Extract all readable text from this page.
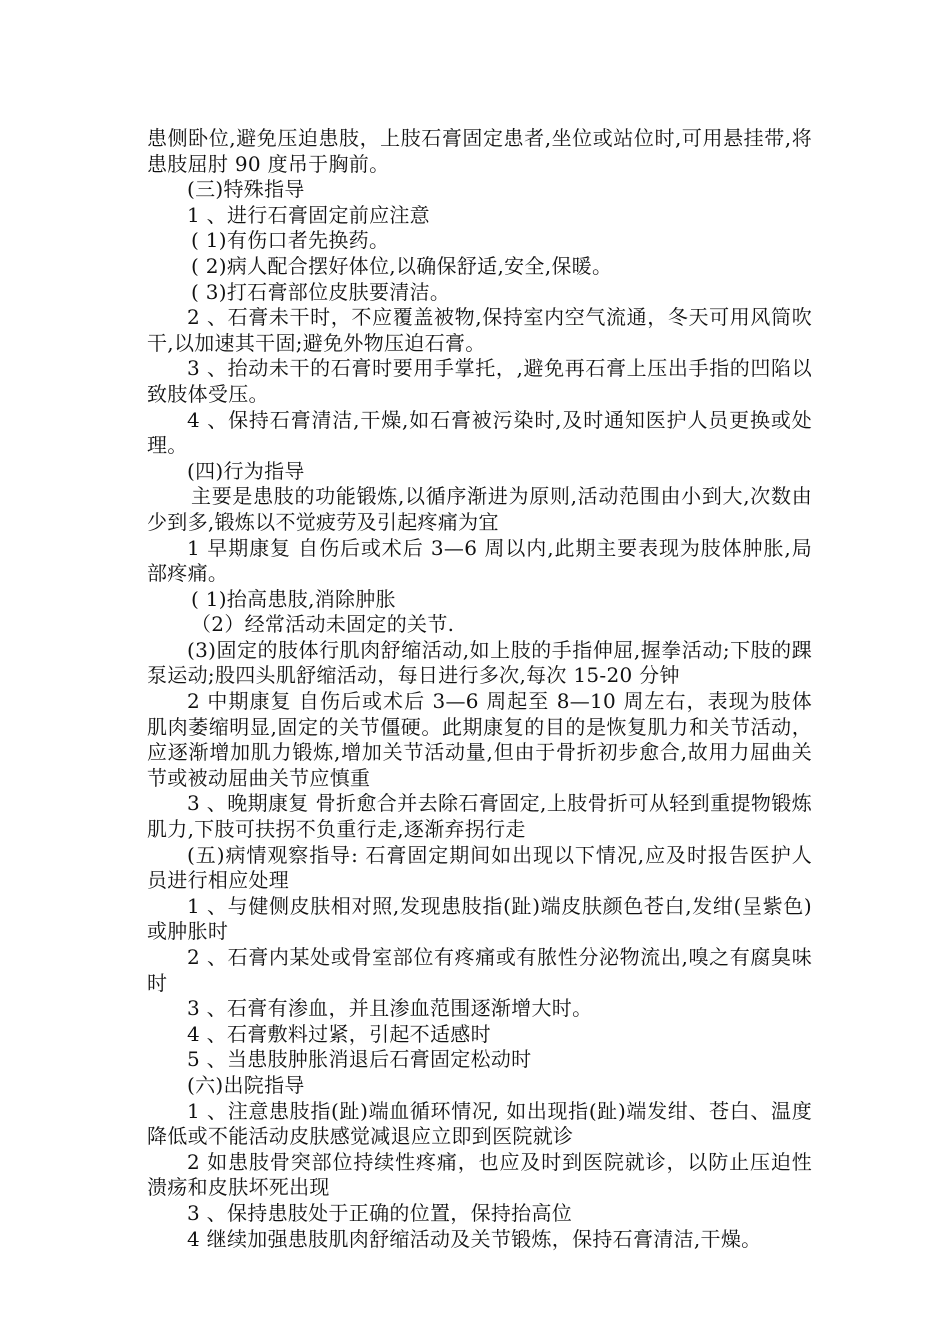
患侧卧位,避免压迫患肢，上肢石膏固定患者,坐位或站位时,可用悬挂带,将患肢屈肘 90 度吊于胸前。

(三)特殊指导

1 、进行石膏固定前应注意

( 1)有伤口者先换药。

( 2)病人配合摆好体位,以确保舒适,安全,保暖。

( 3)打石膏部位皮肤要清洁。

2 、石膏未干时，不应覆盖被物,保持室内空气流通，冬天可用风筒吹干,以加速其干固;避免外物压迫石膏。

3 、抬动未干的石膏时要用手掌托，,避免再石膏上压出手指的凹陷以致肢体受压。

4 、保持石膏清洁,干燥,如石膏被污染时,及时通知医护人员更换或处理。

(四)行为指导

主要是患肢的功能锻炼,以循序渐进为原则,活动范围由小到大,次数由少到多,锻炼以不觉疲劳及引起疼痛为宜

1 早期康复 自伤后或术后 3—6 周以内,此期主要表现为肢体肿胀,局部疼痛。

( 1)抬高患肢,消除肿胀

（2）经常活动未固定的关节.

(3)固定的肢体行肌肉舒缩活动,如上肢的手指伸屈,握拳活动;下肢的踝泵运动;股四头肌舒缩活动，每日进行多次,每次 15-20 分钟

2 中期康复 自伤后或术后 3—6 周起至 8—10 周左右，表现为肢体肌肉萎缩明显,固定的关节僵硬。此期康复的目的是恢复肌力和关节活动，应逐渐增加肌力锻炼,增加关节活动量,但由于骨折初步愈合,故用力屈曲关节或被动屈曲关节应慎重

3 、晚期康复 骨折愈合并去除石膏固定,上肢骨折可从轻到重提物锻炼肌力,下肢可扶拐不负重行走,逐渐弃拐行走

(五)病情观察指导: 石膏固定期间如出现以下情况,应及时报告医护人员进行相应处理

1 、与健侧皮肤相对照,发现患肢指(趾)端皮肤颜色苍白,发绀(呈紫色)或肿胀时

2 、石膏内某处或骨室部位有疼痛或有脓性分泌物流出,嗅之有腐臭味时

3 、石膏有渗血，并且渗血范围逐渐增大时。

4 、石膏敷料过紧，引起不适感时

5 、当患肢肿胀消退后石膏固定松动时

(六)出院指导

1 、注意患肢指(趾)端血循环情况, 如出现指(趾)端发绀、苍白、温度降低或不能活动皮肤感觉减退应立即到医院就诊

2 如患肢骨突部位持续性疼痛，也应及时到医院就诊，以防止压迫性溃疡和皮肤坏死出现

3 、保持患肢处于正确的位置，保持抬高位

4 继续加强患肢肌肉舒缩活动及关节锻炼，保持石膏清洁,干燥。
